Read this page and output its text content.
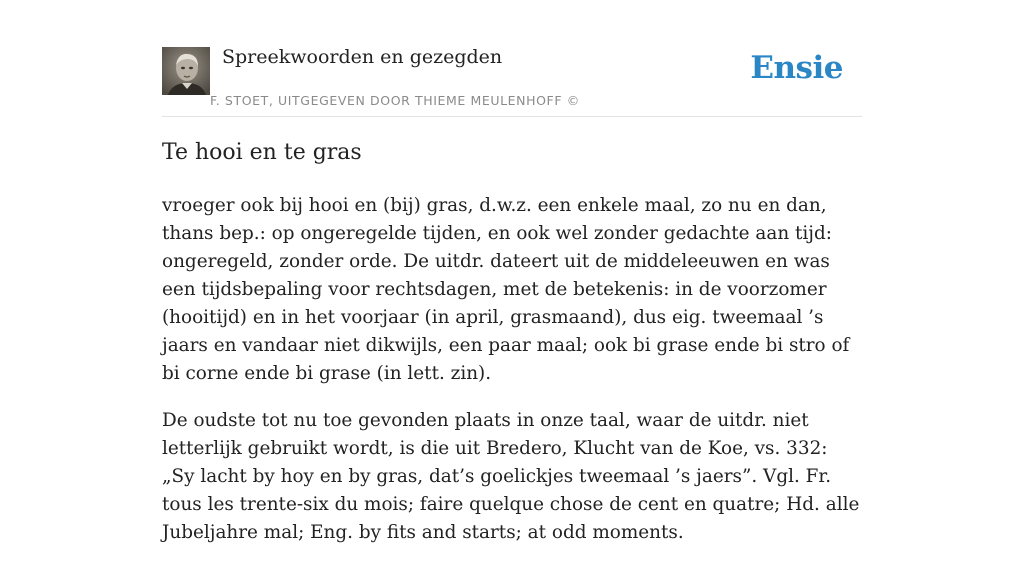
Spreekwoorden en gezegden
F. STOET, UITGEGEVEN DOOR THIEME MEULENHOFF ©
Ensie
Te hooi en te gras

vroeger ook bij hooi en (bij) gras, d.w.z. een enkele maal, zo nu en dan, thans bep.: op ongeregelde tijden, en ook wel zonder gedachte aan tijd: ongeregeld, zonder orde. De uitdr. dateert uit de middeleeuwen en was een tijdsbepaling voor rechtsdagen, met de betekenis: in de voorzomer (hooitijd) en in het voorjaar (in april, grasmaand), dus eig. tweemaal ’s jaars en vandaar niet dikwijls, een paar maal; ook bi grase ende bi stro of bi corne ende bi grase (in lett. zin).

De oudste tot nu toe gevonden plaats in onze taal, waar de uitdr. niet letterlijk gebruikt wordt, is die uit Bredero, Klucht van de Koe, vs. 332: „Sy lacht by hoy en by gras, dat’s goelickjes tweemaal ’s jaers”. Vgl. Fr. tous les trente-six du mois; faire quelque chose de cent en quatre; Hd. alle Jubeljahre mal; Eng. by fits and starts; at odd moments.
